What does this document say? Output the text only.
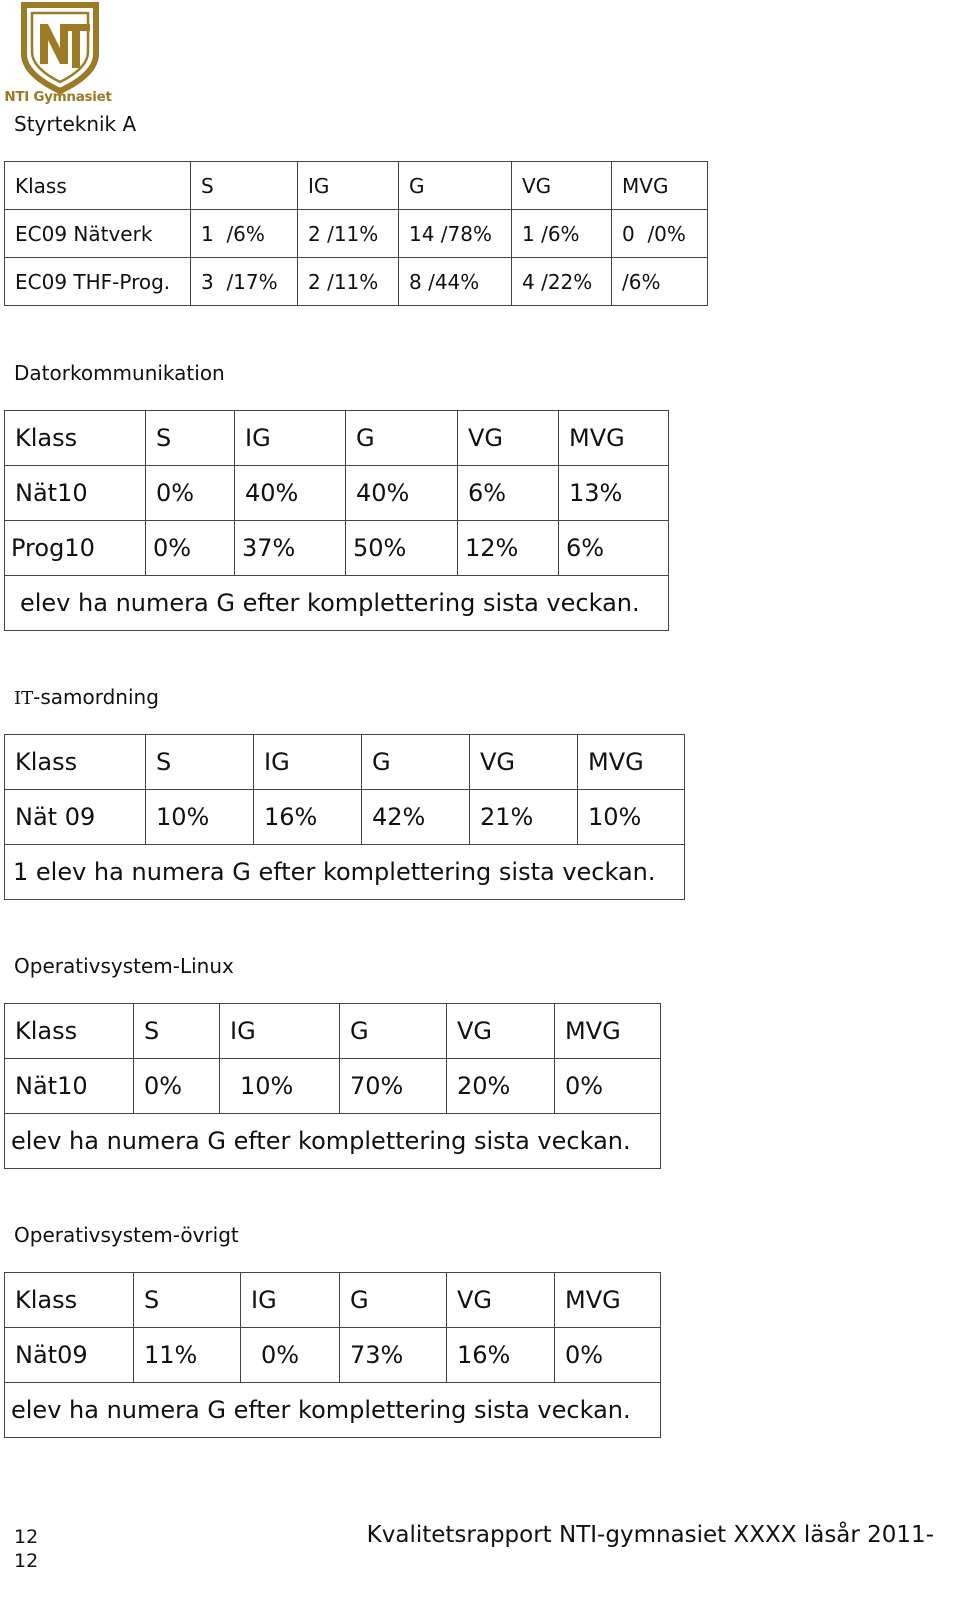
NTI Gymnasiet
Styrteknik A
Klass	S	IG	G	VG	MVG
EC09 Nätverk	1  /6%	2 /11%	14 /78%	1 /6%	0  /0%
EC09 THF-Prog.	3  /17%	2 /11%	8 /44%	4 /22%	/6%
Datorkommunikation
Klass	S	IG	G	VG	MVG
Nät10	0%	40%	40%	6%	13%
Prog10	0%	37%	50%	12%	6%
elev ha numera G efter komplettering sista veckan.					
IT-samordning
Klass	S	IG	G	VG	MVG
Nät 09	10%	16%	42%	21%	10%
1 elev ha numera G efter komplettering sista veckan.					
Operativsystem-Linux
Klass	S	IG	G	VG	MVG
Nät10	0%	10%	70%	20%	0%
elev ha numera G efter komplettering sista veckan.					
Operativsystem-övrigt
Klass	S	IG	G	VG	MVG
Nät09	11%	0%	73%	16%	0%
elev ha numera G efter komplettering sista veckan.					
12
12
Kvalitetsrapport NTI-gymnasiet XXXX läsår 2011-
